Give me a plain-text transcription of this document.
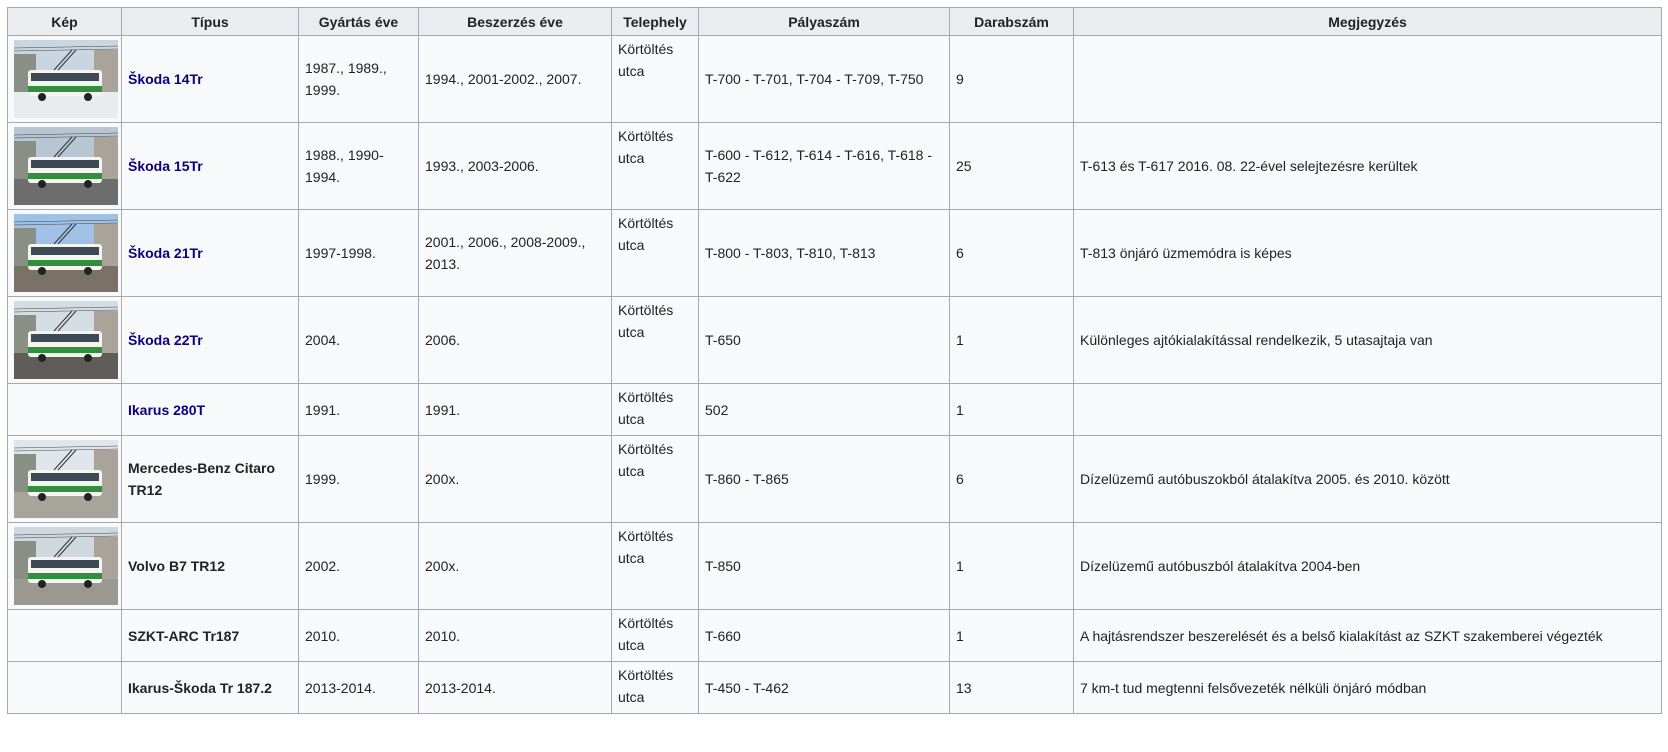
Kép	Típus	Gyártás éve	Beszerzés éve	Telephely	Pályaszám	Darabszám	Megjegyzés

	Škoda 14Tr	1987., 1989., 1999.	1994., 2001-2002., 2007.	Körtöltés utca	T-700 - T-701, T-704 - T-709, T-750	9	

	Škoda 15Tr	1988., 1990-1994.	1993., 2003-2006.	Körtöltés utca	T-600 - T-612, T-614 - T-616, T-618 - T-622	25	T-613 és T-617 2016. 08. 22-ével selejtezésre kerültek

	Škoda 21Tr	1997-1998.	2001., 2006., 2008-2009., 2013.	Körtöltés utca	T-800 - T-803, T-810, T-813	6	T-813 önjáró üzmemódra is képes

	Škoda 22Tr	2004.	2006.	Körtöltés utca	T-650	1	Különleges ajtókialakítással rendelkezik, 5 utasajtaja van
	Ikarus 280T	1991.	1991.	Körtöltés utca	502	1	

	Mercedes-Benz Citaro TR12	1999.	200x.	Körtöltés utca	T-860 - T-865	6	Dízelüzemű autóbuszokból átalakítva 2005. és 2010. között

	Volvo B7 TR12	2002.	200x.	Körtöltés utca	T-850	1	Dízelüzemű autóbuszból átalakítva 2004-ben
	SZKT-ARC Tr187	2010.	2010.	Körtöltés utca	T-660	1	A hajtásrendszer beszerelését és a belső kialakítást az SZKT szakemberei végezték
	Ikarus-Škoda Tr 187.2	2013-2014.	2013-2014.	Körtöltés utca	T-450 - T-462	13	7 km-t tud megtenni felsővezeték nélküli önjáró módban
